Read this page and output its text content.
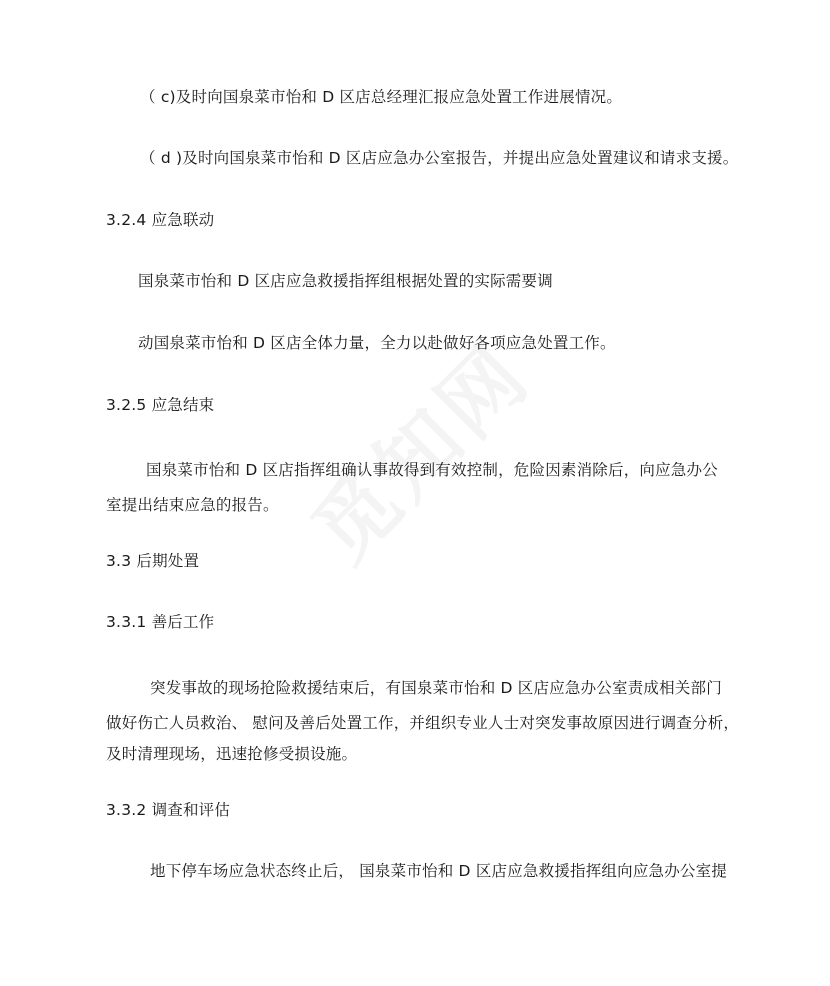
（ c)及时向国泉菜市怡和 D 区店总经理汇报应急处置工作进展情况。
（ d )及时向国泉菜市怡和 D 区店应急办公室报告，并提出应急处置建议和请求支援。
3.2.4 应急联动
国泉菜市怡和 D 区店应急救援指挥组根据处置的实际需要调
动国泉菜市怡和 D 区店全体力量，全力以赴做好各项应急处置工作。
3.2.5 应急结束
国泉菜市怡和 D 区店指挥组确认事故得到有效控制，危险因素消除后，向应急办公
室提出结束应急的报告。
3.3 后期处置
3.3.1 善后工作
突发事故的现场抢险救援结束后，有国泉菜市怡和 D 区店应急办公室责成相关部门
做好伤亡人员救治、 慰问及善后处置工作，并组织专业人士对突发事故原因进行调查分析，
及时清理现场，迅速抢修受损设施。
3.3.2 调查和评估
地下停车场应急状态终止后， 国泉菜市怡和 D 区店应急救援指挥组向应急办公室提
